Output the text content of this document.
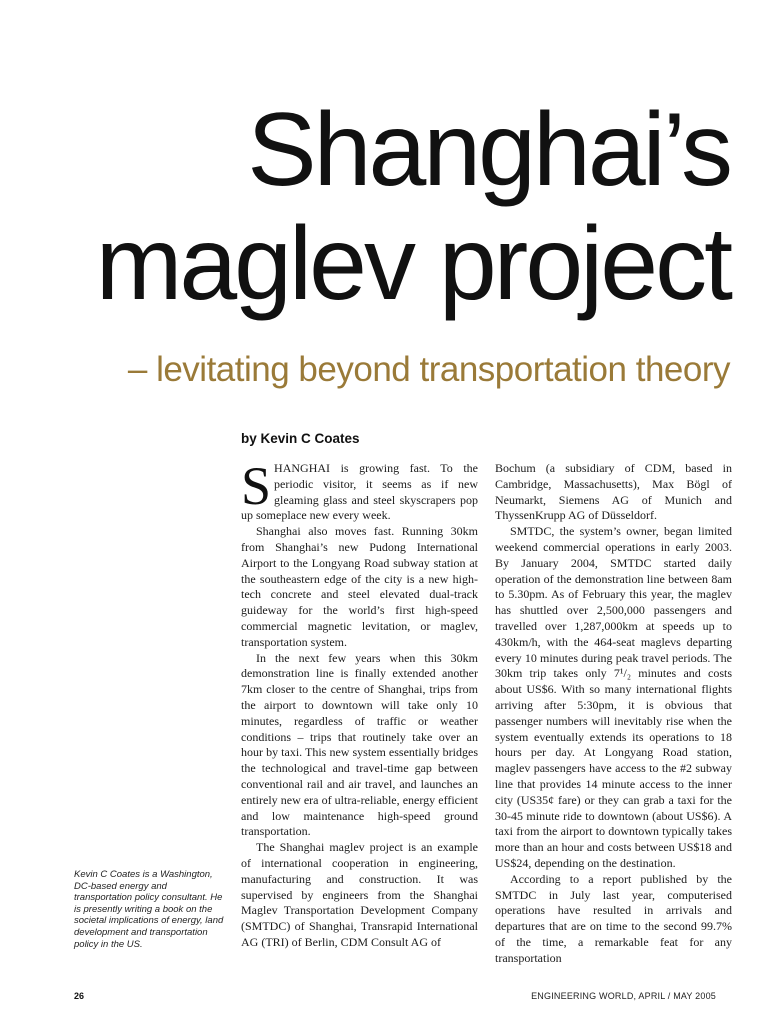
Shanghai’s
maglev project
– levitating beyond transportation theory
by Kevin C Coates

SHANGHAI is growing fast. To the periodic visitor, it seems as if new gleaming glass and steel skyscrapers pop up someplace new every week.

Shanghai also moves fast. Running 30km from Shanghai’s new Pudong International Airport to the Longyang Road subway station at the southeastern edge of the city is a new high-tech concrete and steel elevated dual-track guideway for the world’s first high-speed commercial magnetic levitation, or maglev, transportation system.

In the next few years when this 30km demonstration line is finally extended another 7km closer to the centre of Shanghai, trips from the airport to downtown will take only 10 minutes, regardless of traffic or weather conditions – trips that routinely take over an hour by taxi. This new system essentially bridges the technological and travel-time gap between conventional rail and air travel, and launches an entirely new era of ultra-reliable, energy efficient and low maintenance high-speed ground transportation.

The Shanghai maglev project is an example of international cooperation in engineering, manufacturing and construction. It was supervised by engineers from the Shanghai Maglev Transportation Development Company (SMTDC) of Shanghai, Transrapid International AG (TRI) of Berlin, CDM Consult AG of

Bochum (a subsidiary of CDM, based in Cambridge, Massachusetts), Max Bögl of Neumarkt, Siemens AG of Munich and ThyssenKrupp AG of Düsseldorf.

SMTDC, the system’s owner, began limited weekend commercial operations in early 2003. By January 2004, SMTDC started daily operation of the demonstration line between 8am to 5.30pm. As of February this year, the maglev has shuttled over 2,500,000 passengers and travelled over 1,287,000km at speeds up to 430km/h, with the 464-seat maglevs departing every 10 minutes during peak travel periods. The 30km trip takes only 7¹/₂ minutes and costs about US$6. With so many international flights arriving after 5:30pm, it is obvious that passenger numbers will inevitably rise when the system eventually extends its operations to 18 hours per day. At Longyang Road station, maglev passengers have access to the #2 subway line that provides 14 minute access to the inner city (US35¢ fare) or they can grab a taxi for the 30-45 minute ride to downtown (about US$6). A taxi from the airport to downtown typically takes more than an hour and costs between US$18 and US$24, depending on the destination.

According to a report published by the SMTDC in July last year, computerised operations have resulted in arrivals and departures that are on time to the second 99.7% of the time, a remarkable feat for any transportation

Kevin C Coates is a Washington, DC-based energy and transportation policy consultant. He is presently writing a book on the societal implications of energy, land development and transportation policy in the US.
26	ENGINEERING WORLD, APRIL / MAY 2005
